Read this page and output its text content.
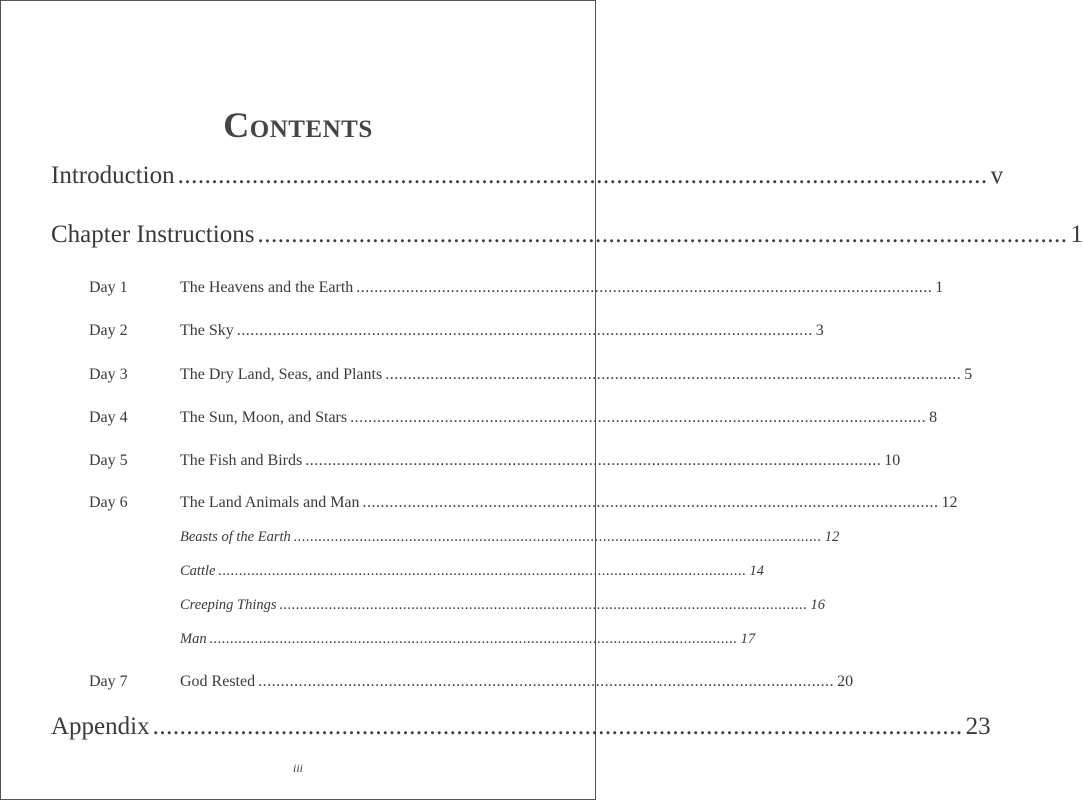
Contents
Introduction ........................................................................................................................ v
Chapter Instructions ........................................................................................................................ 1
Day 1	The Heavens and the Earth ................................................................................................................................ 1
Day 2	The Sky ................................................................................................................................ 3
Day 3	The Dry Land, Seas, and Plants ................................................................................................................................ 5
Day 4	The Sun, Moon, and Stars ................................................................................................................................ 8
Day 5	The Fish and Birds ................................................................................................................................ 10
Day 6	The Land Animals and Man ................................................................................................................................ 12
Beasts of the Earth ................................................................................................................................ 12
Cattle ................................................................................................................................ 14
Creeping Things ................................................................................................................................ 16
Man ................................................................................................................................ 17
Day 7	God Rested ................................................................................................................................ 20
Appendix ........................................................................................................................ 23
iii
